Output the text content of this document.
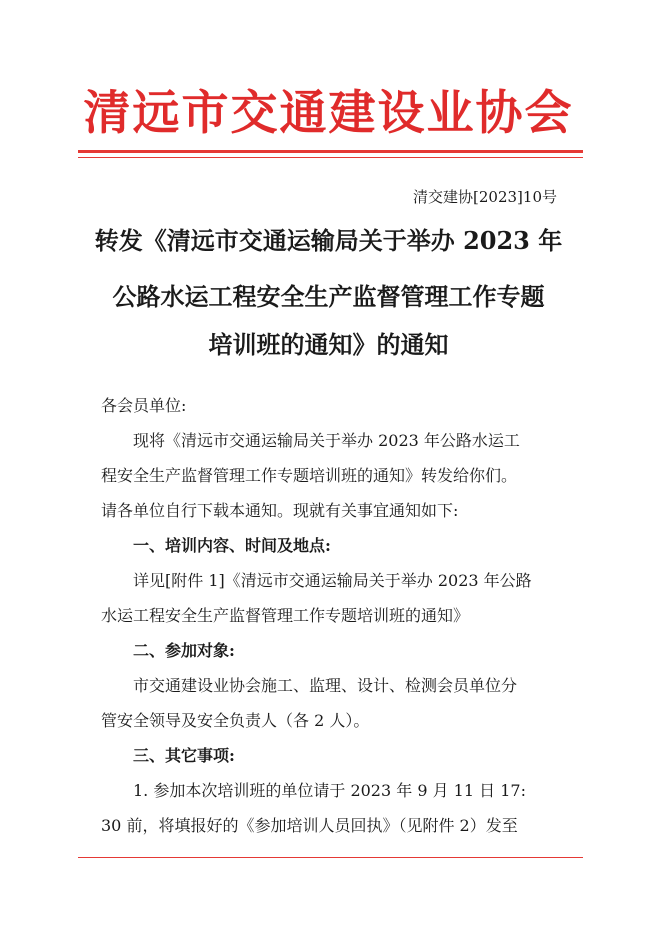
清远市交通建设业协会
清交建协[2023]10号
转发《清远市交通运输局关于举办 2023 年
公路水运工程安全生产监督管理工作专题
培训班的通知》的通知
各会员单位:
现将《清远市交通运输局关于举办 2023 年公路水运工
程安全生产监督管理工作专题培训班的通知》转发给你们。
请各单位自行下载本通知。现就有关事宜通知如下:
一、培训内容、时间及地点:
详见[附件 1]《清远市交通运输局关于举办 2023 年公路
水运工程安全生产监督管理工作专题培训班的通知》
二、参加对象:
市交通建设业协会施工、监理、设计、检测会员单位分
管安全领导及安全负责人（各 2 人）。
三、其它事项:
1. 参加本次培训班的单位请于 2023 年 9 月 11 日 17:
30 前，将填报好的《参加培训人员回执》（见附件 2）发至
